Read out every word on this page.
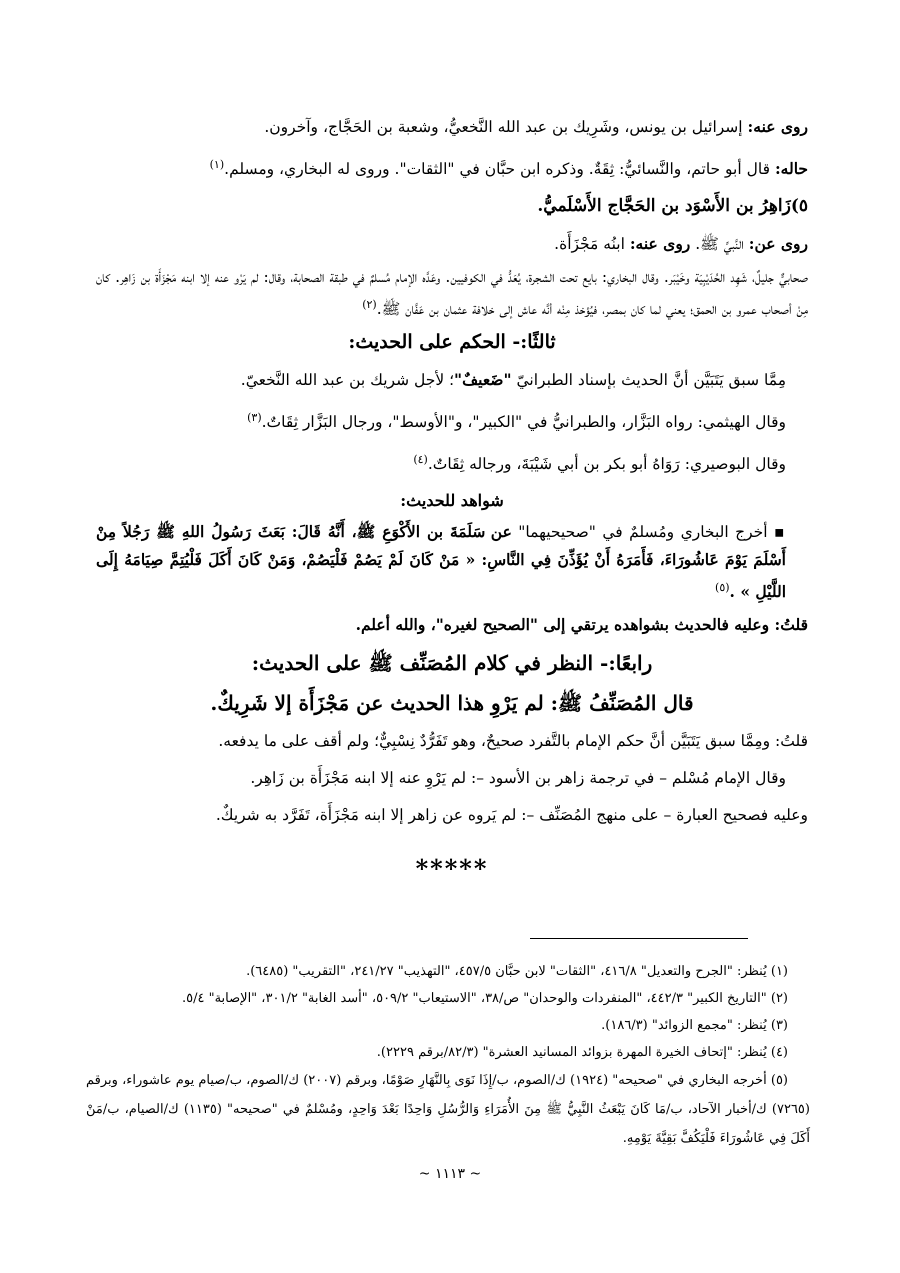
روى عنه: إسرائيل بن يونس، وشَرِيك بن عبد الله النَّخعيُّ، وشعبة بن الحَجَّاج، وآخرون.
حاله: قال أبو حاتم، والنَّسائيُّ: ثِقَةٌ. وذكره ابن حبَّان في "الثقات". وروى له البخاري، ومسلم.$^{(١)}$
٥)زَاهِرُ بن الأَسْوَد بن الحَجَّاج الأَسْلَميُّ.
روى عن: النَّبيِّ ﷺ. روى عنه: ابنُه مَجْزَأَة.
صحابيٌّ جليلٌ، شَهِد الحُدَيْبِيَة وخَيْبَر. وقال البخاري: بايع تحت الشجرة، يُعَدُّ في الكوفيين. وعَدَّه الإمام مُسلمٌ في طبقة الصحابة، وقال: لم يَرْو عنه إلا ابنه مَجْزَأَة بن زَاهِر. كان مِنْ أصحاب عمرو بن الحمق؛ يعني لما كان بمصر، فيُؤخذ مِنْه أنَّه عاش إلى خلافة عثمان بن عَفَّان ﷺ.$^{(٢)}$
ثالثًا:- الحكم على الحديث:
مِمَّا سبق يَتَبَيَّن أنَّ الحديث بإسناد الطبرانيّ "ضَعيفٌ"؛ لأجل شريك بن عبد الله النَّخعيّ.
وقال الهيثمي: رواه البَزَّار، والطبرانيُّ في "الكبير"، و"الأوسط"، ورجال البَزَّار ثِقَاتٌ.$^{(٣)}$
وقال البوصيري: رَوَاهُ أبو بكر بن أبي شَيْبَةَ، ورجاله ثِقَاتٌ.$^{(٤)}$
شواهد للحديث:
▪ أخرج البخاري ومُسلمٌ في "صحيحيهما" عن سَلَمَةَ بن الأَكْوَعِ ﷺ، أَنَّهُ قَالَ: بَعَثَ رَسُولُ اللهِ ﷺ رَجُلاً مِنْ أَسْلَمَ يَوْمَ عَاشُورَاءَ، فَأَمَرَهُ أَنْ يُؤَذِّنَ فِي النَّاسِ: « مَنْ كَانَ لَمْ يَصُمْ فَلْيَصُمْ، وَمَنْ كَانَ أَكَلَ فَلْيُتِمَّ صِيَامَهُ إِلَى اللَّيْلِ » .$^{(٥)}$
قلتُ: وعليه فالحديث بشواهده يرتقي إلى "الصحيح لغيره"، والله أعلم.
رابعًا:- النظر في كلام المُصَنِّف ﷺ على الحديث:
قال المُصَنِّفُ ﷺ: لم يَرْوِ هذا الحديث عن مَجْزَأَة إلا شَرِيكٌ.
قلتُ: ومِمَّا سبق يَتَبَيَّن أنَّ حكم الإمام بالتَّفرد صحيحٌ، وهو تَفَرُّدٌ نِسْبِيٌّ؛ ولم أقف على ما يدفعه.
وقال الإمام مُسْلم – في ترجمة زاهر بن الأسود –: لم يَرْوِ عنه إلا ابنه مَجْزَأَة بن زَاهِر.
وعليه فصحيح العبارة – على منهج المُصَنِّف –: لم يَروه عن زاهر إلا ابنه مَجْزَأَة، تَفَرَّد به شريكٌ.
*****
(١) يُنظر: "الجرح والتعديل" ٤١٦/٨، "الثقات" لابن حبَّان ٤٥٧/٥، "التهذيب" ٢٤١/٢٧، "التقريب" (٦٤٨٥).
(٢) "التاريخ الكبير" ٤٤٢/٣، "المنفردات والوحدان" ص/٣٨، "الاستيعاب" ٥٠٩/٢، "أسد الغابة" ٣٠١/٢، "الإصابة" ٥/٤.
(٣) يُنظر: "مجمع الزوائد" (١٨٦/٣).
(٤) يُنظر: "إتحاف الخيرة المهرة بزوائد المسانيد العشرة" (٨٢/٣/برقم ٢٢٢٩).
(٥) أخرجه البخاري في "صحيحه" (١٩٢٤) ك/الصوم، ب/إِذَا نَوَى بِالنَّهَارِ صَوْمًا، وبرقم (٢٠٠٧) ك/الصوم، ب/صيام يوم عاشوراء، وبرقم (٧٢٦٥) ك/أخبار الآحاد، ب/مَا كَانَ يَبْعَثُ النَّبِيُّ ﷺ مِنَ الأُمَرَاءِ وَالرُّسُلِ وَاحِدًا بَعْدَ وَاحِدٍ، ومُسْلمٌ في "صحيحه" (١١٣٥) ك/الصيام، ب/مَنْ أَكَلَ فِي عَاشُورَاءَ فَلْيَكُفَّ بَقِيَّةَ يَوْمِهِ.
~ ١١١٣ ~
